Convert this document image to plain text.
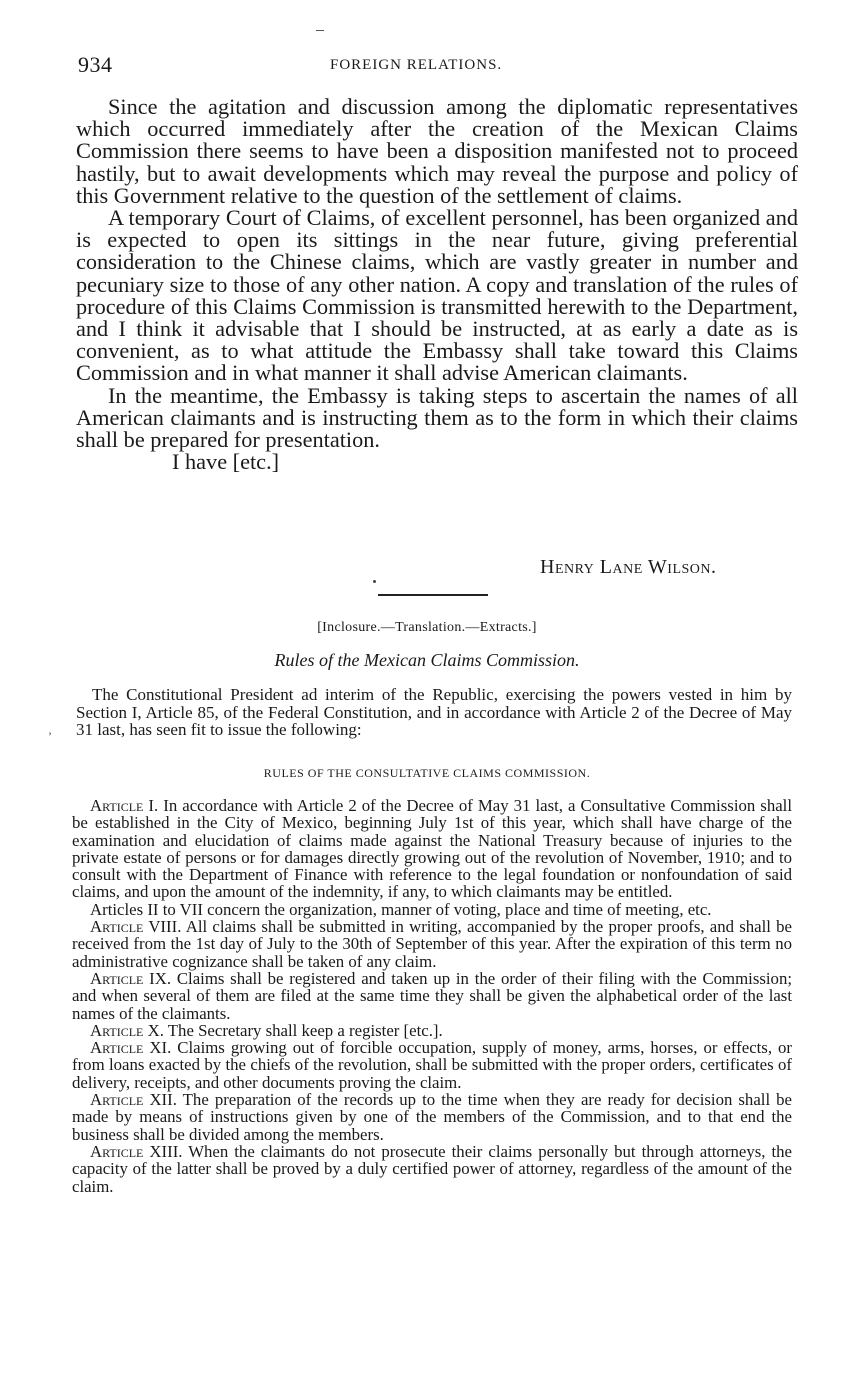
934	FOREIGN RELATIONS.

Since the agitation and discussion among the diplomatic representatives which occurred immediately after the creation of the Mexican Claims Commission there seems to have been a disposition manifested not to proceed hastily, but to await developments which may reveal the purpose and policy of this Government relative to the question of the settlement of claims.

A temporary Court of Claims, of excellent personnel, has been organized and is expected to open its sittings in the near future, giving preferential consideration to the Chinese claims, which are vastly greater in number and pecuniary size to those of any other nation. A copy and translation of the rules of procedure of this Claims Commission is transmitted herewith to the Department, and I think it advisable that I should be instructed, at as early a date as is convenient, as to what attitude the Embassy shall take toward this Claims Commission and in what manner it shall advise American claimants.

In the meantime, the Embassy is taking steps to ascertain the names of all American claimants and is instructing them as to the form in which their claims shall be prepared for presentation.

I have [etc.]

Henry Lane Wilson.
[Inclosure.—Translation.—Extracts.]
Rules of the Mexican Claims Commission.

The Constitutional President ad interim of the Republic, exercising the powers vested in him by Section I, Article 85, of the Federal Constitution, and in accordance with Article 2 of the Decree of May 31 last, has seen fit to issue the following:

’
RULES OF THE CONSULTATIVE CLAIMS COMMISSION.

Article I. In accordance with Article 2 of the Decree of May 31 last, a Consultative Commission shall be established in the City of Mexico, beginning July 1st of this year, which shall have charge of the examination and elucidation of claims made against the National Treasury because of injuries to the private estate of persons or for damages directly growing out of the revolution of November, 1910; and to consult with the Department of Finance with reference to the legal foundation or nonfoundation of said claims, and upon the amount of the indemnity, if any, to which claimants may be entitled.

Articles II to VII concern the organization, manner of voting, place and time of meeting, etc.

Article VIII. All claims shall be submitted in writing, accompanied by the proper proofs, and shall be received from the 1st day of July to the 30th of September of this year. After the expiration of this term no administrative cognizance shall be taken of any claim.

Article IX. Claims shall be registered and taken up in the order of their filing with the Commission; and when several of them are filed at the same time they shall be given the alphabetical order of the last names of the claimants.

Article X. The Secretary shall keep a register [etc.].

Article XI. Claims growing out of forcible occupation, supply of money, arms, horses, or effects, or from loans exacted by the chiefs of the revolution, shall be submitted with the proper orders, certificates of delivery, receipts, and other documents proving the claim.

Article XII. The preparation of the records up to the time when they are ready for decision shall be made by means of instructions given by one of the members of the Commission, and to that end the business shall be divided among the members.

Article XIII. When the claimants do not prosecute their claims personally but through attorneys, the capacity of the latter shall be proved by a duly certified power of attorney, regardless of the amount of the claim.
